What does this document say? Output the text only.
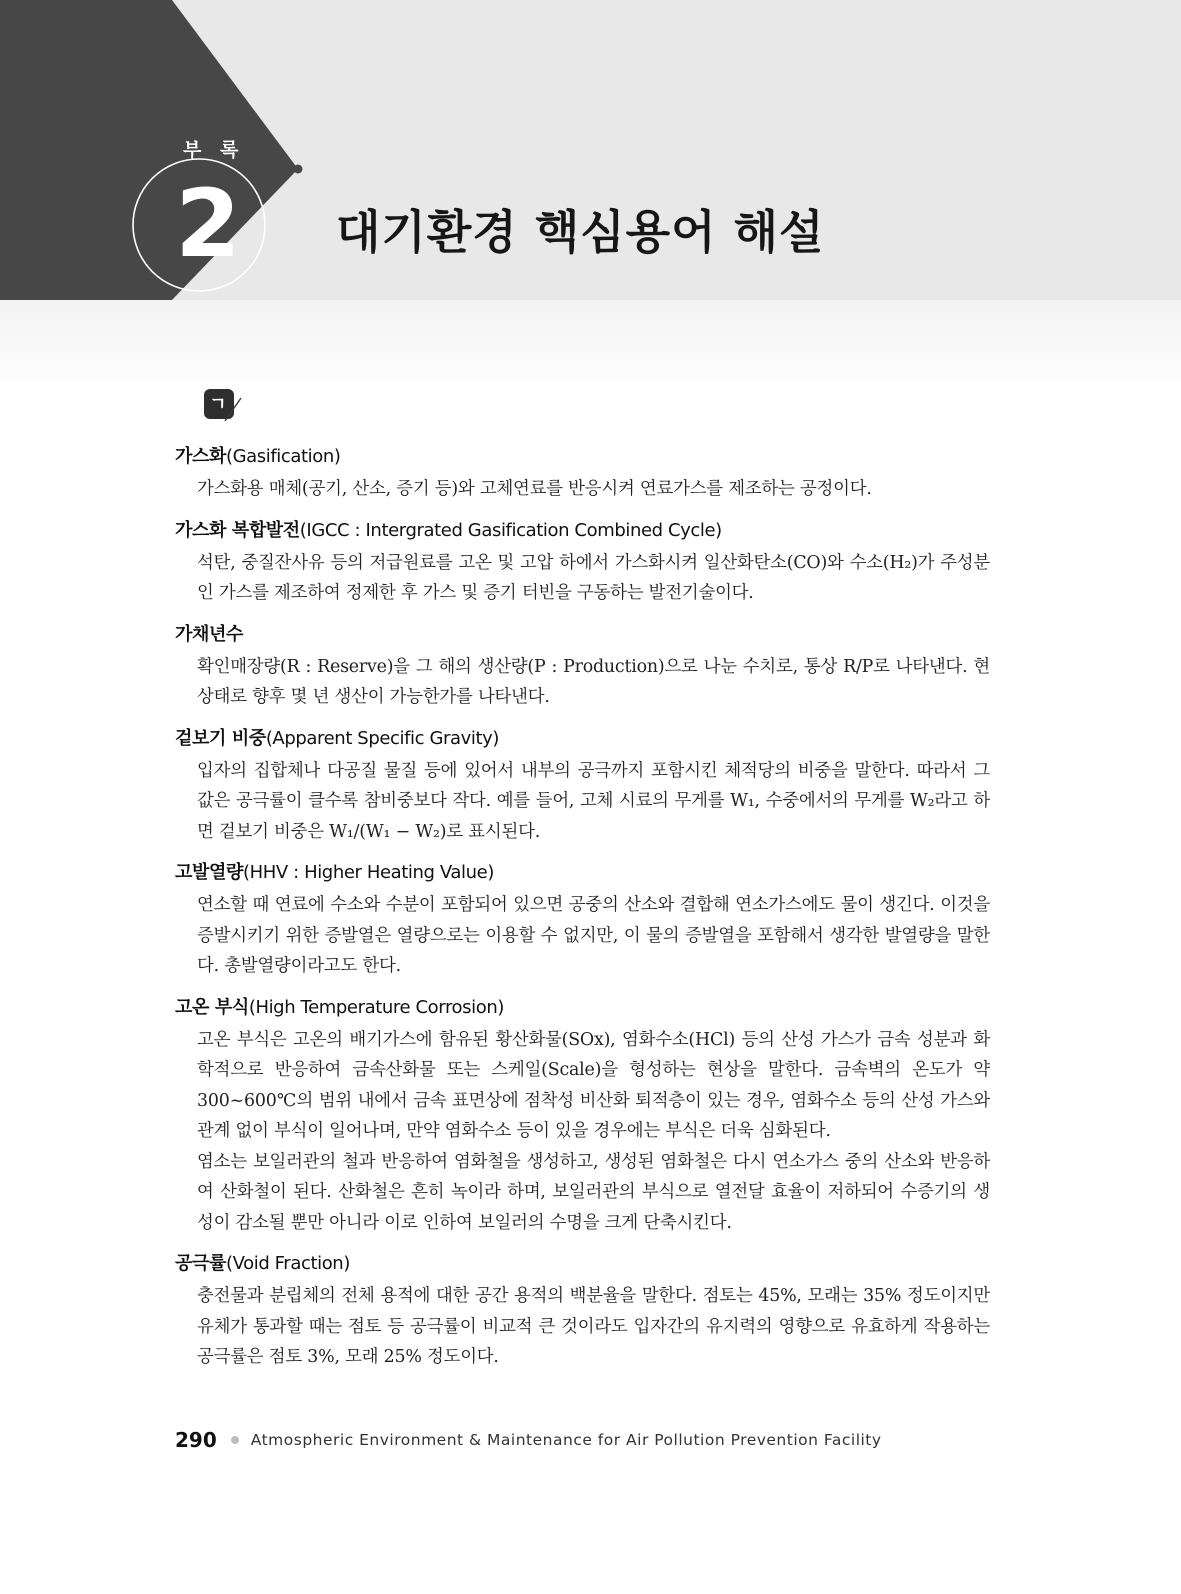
부 록
2 대기환경 핵심용어 해설
ㄱ

가스화(Gasification)

가스화용 매체(공기, 산소, 증기 등)와 고체연료를 반응시켜 연료가스를 제조하는 공정이다.

가스화 복합발전(IGCC : Intergrated Gasification Combined Cycle)

석탄, 중질잔사유 등의 저급원료를 고온 및 고압 하에서 가스화시켜 일산화탄소(CO)와 수소(H₂)가 주성분인 가스를 제조하여 정제한 후 가스 및 증기 터빈을 구동하는 발전기술이다.

가채년수

확인매장량(R : Reserve)을 그 해의 생산량(P : Production)으로 나눈 수치로, 통상 R/P로 나타낸다. 현 상태로 향후 몇 년 생산이 가능한가를 나타낸다.

겉보기 비중(Apparent Specific Gravity)

입자의 집합체나 다공질 물질 등에 있어서 내부의 공극까지 포함시킨 체적당의 비중을 말한다. 따라서 그 값은 공극률이 클수록 참비중보다 작다. 예를 들어, 고체 시료의 무게를 W₁, 수중에서의 무게를 W₂라고 하면 겉보기 비중은 W₁/(W₁ − W₂)로 표시된다.

고발열량(HHV : Higher Heating Value)

연소할 때 연료에 수소와 수분이 포함되어 있으면 공중의 산소와 결합해 연소가스에도 물이 생긴다. 이것을 증발시키기 위한 증발열은 열량으로는 이용할 수 없지만, 이 물의 증발열을 포함해서 생각한 발열량을 말한다. 총발열량이라고도 한다.

고온 부식(High Temperature Corrosion)

고온 부식은 고온의 배기가스에 함유된 황산화물(SOx), 염화수소(HCl) 등의 산성 가스가 금속 성분과 화학적으로 반응하여 금속산화물 또는 스케일(Scale)을 형성하는 현상을 말한다. 금속벽의 온도가 약 300~600℃의 범위 내에서 금속 표면상에 점착성 비산화 퇴적층이 있는 경우, 염화수소 등의 산성 가스와 관계 없이 부식이 일어나며, 만약 염화수소 등이 있을 경우에는 부식은 더욱 심화된다.

염소는 보일러관의 철과 반응하여 염화철을 생성하고, 생성된 염화철은 다시 연소가스 중의 산소와 반응하여 산화철이 된다. 산화철은 흔히 녹이라 하며, 보일러관의 부식으로 열전달 효율이 저하되어 수증기의 생성이 감소될 뿐만 아니라 이로 인하여 보일러의 수명을 크게 단축시킨다.

공극률(Void Fraction)

충전물과 분립체의 전체 용적에 대한 공간 용적의 백분율을 말한다. 점토는 45%, 모래는 35% 정도이지만 유체가 통과할 때는 점토 등 공극률이 비교적 큰 것이라도 입자간의 유지력의 영향으로 유효하게 작용하는 공극률은 점토 3%, 모래 25% 정도이다.

290 Atmospheric Environment & Maintenance for Air Pollution Prevention Facility
